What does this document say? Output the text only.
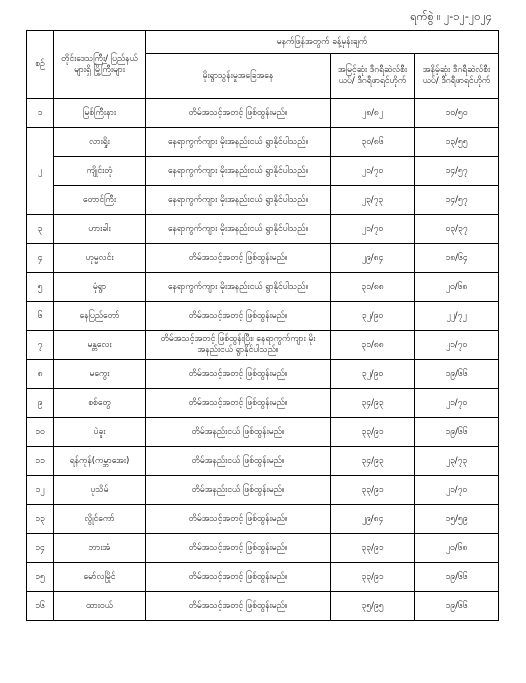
ရက်စွဲ ။ ၂-၁၂-၂၀၂၄
စဉ်	တိုင်းဒေသကြီး/ ပြည်နယ်များရှိ မြို့ကြီးများ	မနက်ဖြန်အတွက် ခန့်မှန်းချက်		
		မိုးရွာသွန်းမှုအခြေအနေ	အမြင့်ဆုံး ဒီဂရီဆဲလ်စီးယပ်/ ဒီဂရီဖာရင်ဟိုက်	အနိမ့်ဆုံး ဒီဂရီဆဲလ်စီးယပ်/ ဒီဂရီဖာရင်ဟိုက်
၁	မြစ်ကြီးနား	တိမ်အသင့်အတင့် ဖြစ်ထွန်းမည်။	၂၈/၈၂	၁၀/၅၀
၂	လားရှိုး	နေရာကွက်ကျား မိုးအနည်းငယ် ရွာနိုင်ပါသည်။	၃၀/၈၆	၁၃/၅၅
	ကျိုင်းတုံ	နေရာကွက်ကျား မိုးအနည်းငယ် ရွာနိုင်ပါသည်။	၂၁/၇၀	၁၄/၅၇
	တောင်ကြီး	နေရာကွက်ကျား မိုးအနည်းငယ် ရွာနိုင်ပါသည်။	၂၃/၇၃	၁၄/၅၇
၃	ဟားခါး	နေရာကွက်ကျား မိုးအနည်းငယ် ရွာနိုင်ပါသည်။	၂၁/၇၀	၀၃/၃၇
၄	ဟုမ္မလင်း	တိမ်အသင့်အတင့် ဖြစ်ထွန်းမည်။	၂၉/၈၄	၁၈/၆၄
၅	မုံရွာ	နေရာကွက်ကျား မိုးအနည်းငယ် ရွာနိုင်ပါသည်။	၃၁/၈၈	၂၀/၆၈
၆	နေပြည်တော်	တိမ်အသင့်အတင့် ဖြစ်ထွန်းမည်။	၃၂/၉၀	၂၂/၇၂
၇	မန္တလေး	တိမ်အသင့်အတင့် ဖြစ်ထွန်းပြီး၊ နေရာကွက်ကျား မိုးအနည်းငယ် ရွာနိုင်ပါသည်။	၃၁/၈၈	၂၁/၇၀
၈	မကွေး	တိမ်အသင့်အတင့် ဖြစ်ထွန်းမည်။	၃၂/၉၀	၁၉/၆၆
၉	စစ်တွေ	တိမ်အသင့်အတင့် ဖြစ်ထွန်းမည်။	၃၄/၉၃	၂၁/၇၀
၁၀	ပဲခူး	တိမ်အနည်းငယ် ဖြစ်ထွန်းမည်။	၃၃/၉၁	၁၉/၆၆
၁၁	ရန်ကုန်(ကမ္ဘာအေး)	တိမ်အနည်းငယ် ဖြစ်ထွန်းမည်။	၃၄/၉၃	၂၃/၇၃
၁၂	ပုသိမ်	တိမ်အနည်းငယ် ဖြစ်ထွန်းမည်။	၃၃/၉၁	၂၁/၇၀
၁၃	လွိုင်ကော်	တိမ်အသင့်အတင့် ဖြစ်ထွန်းမည်။	၂၉/၈၄	၁၅/၅၉
၁၄	ဘားအံ	တိမ်အသင့်အတင့် ဖြစ်ထွန်းမည်။	၃၃/၉၁	၂၀/၆၈
၁၅	မော်လမြိုင်	တိမ်အသင့်အတင့် ဖြစ်ထွန်းမည်။	၃၃/၉၁	၁၉/၆၆
၁၆	ထားဝယ်	တိမ်အသင့်အတင့် ဖြစ်ထွန်းမည်။	၃၅/၉၅	၁၉/၆၆
